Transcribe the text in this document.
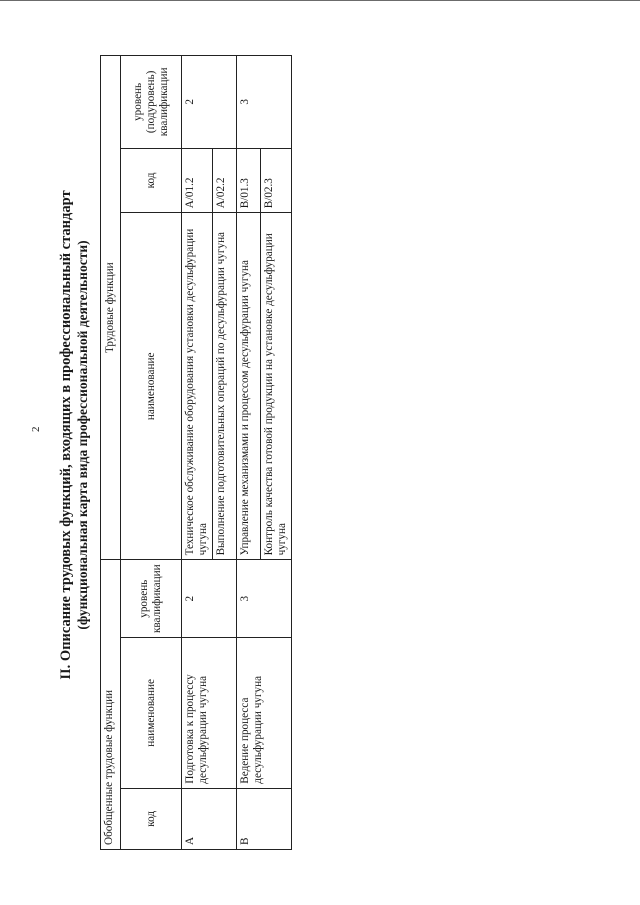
2 II. Описание трудовых функций, входящих в профессиональный стандарт (функциональная карта вида профессиональной деятельности)
Обобщенные трудовые функции			Трудовые функции		
код	наименование	уровень квалификации	наименование	код	уровень (подуровень) квалификации
A	Подготовка к процессу десульфурации чугуна	2	Техническое обслуживание оборудования установки десульфурации чугуна	A/01.2	2
			Выполнение подготовительных операций по десульфурации чугуна	A/02.2	
B	Ведение процесса десульфурации чугуна	3	Управление механизмами и процессом десульфурации чугуна	B/01.3	3
			Контроль качества готовой продукции на установке десульфурации чугуна	B/02.3	
